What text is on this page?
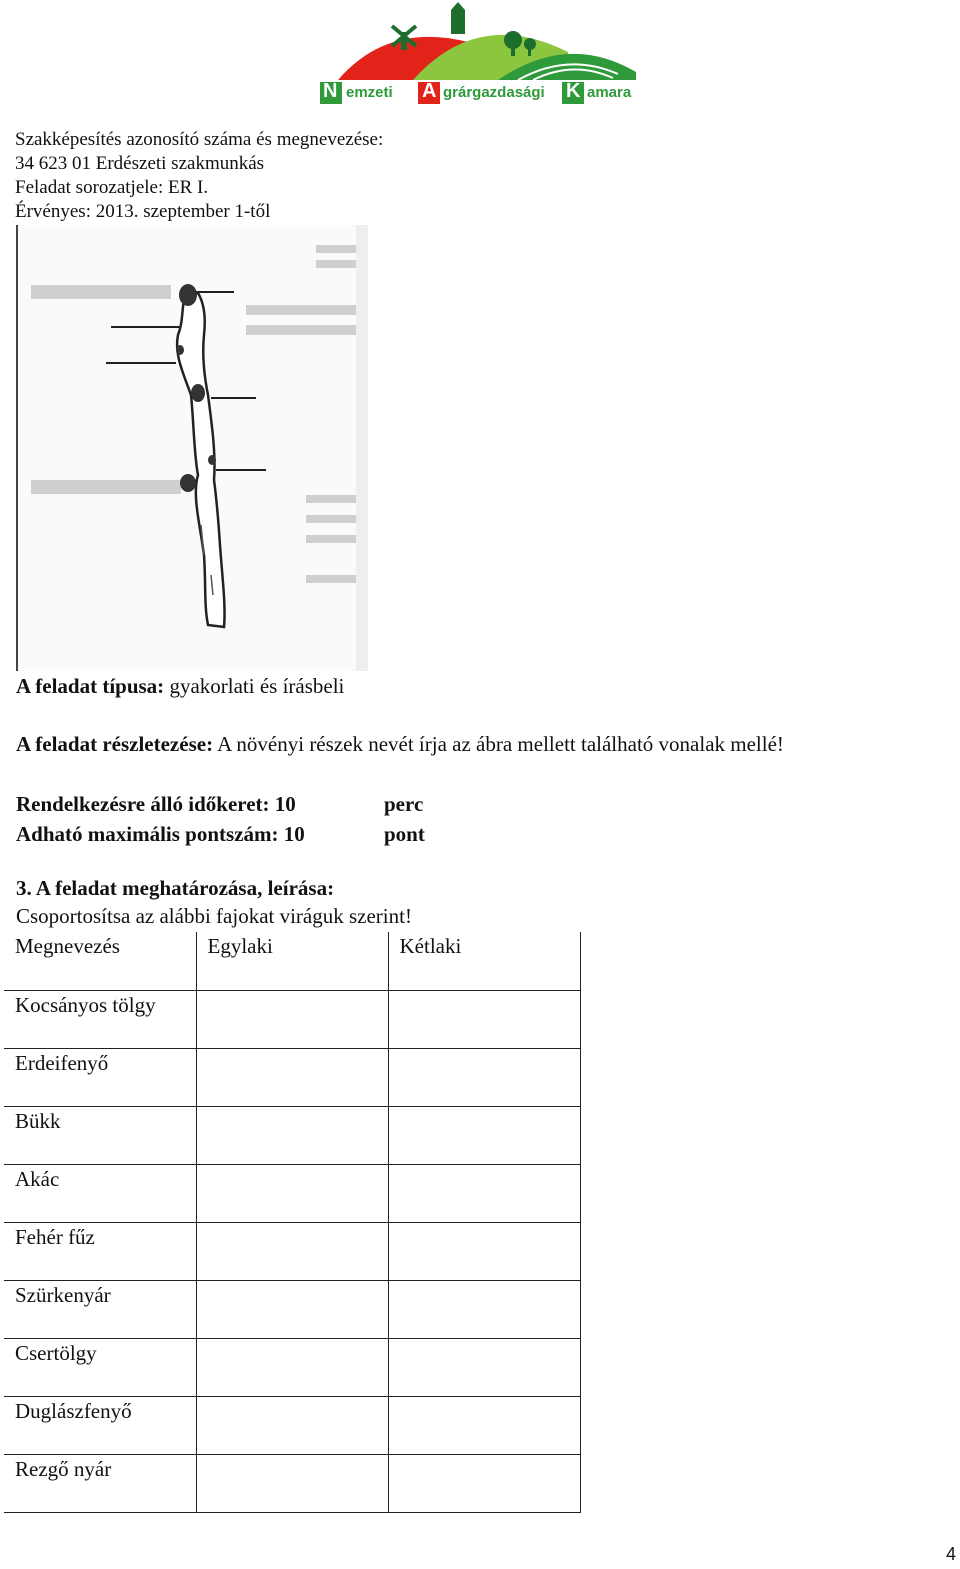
N emzeti A grárgazdasági K amara
Szakképesítés azonosító száma és megnevezése:
34 623 01 Erdészeti szakmunkás
Feladat sorozatjele: ER I.
Érvényes: 2013. szeptember 1-től
A feladat típusa: gyakorlati és írásbeli
A feladat részletezése: A növényi részek nevét írja az ábra mellett található vonalak mellé!
Rendelkezésre álló időkeret: 10	perc
Adható maximális pontszám: 10	pont
3. A feladat meghatározása, leírása:
Csoportosítsa az alábbi fajokat viráguk szerint!
Megnevezés	Egylaki	Kétlaki

Kocsányos tölgy		

Erdeifenyő		

Bükk		

Akác		

Fehér fűz		

Szürkenyár		

Csertölgy		

Duglászfenyő		

Rezgő nyár		

4
